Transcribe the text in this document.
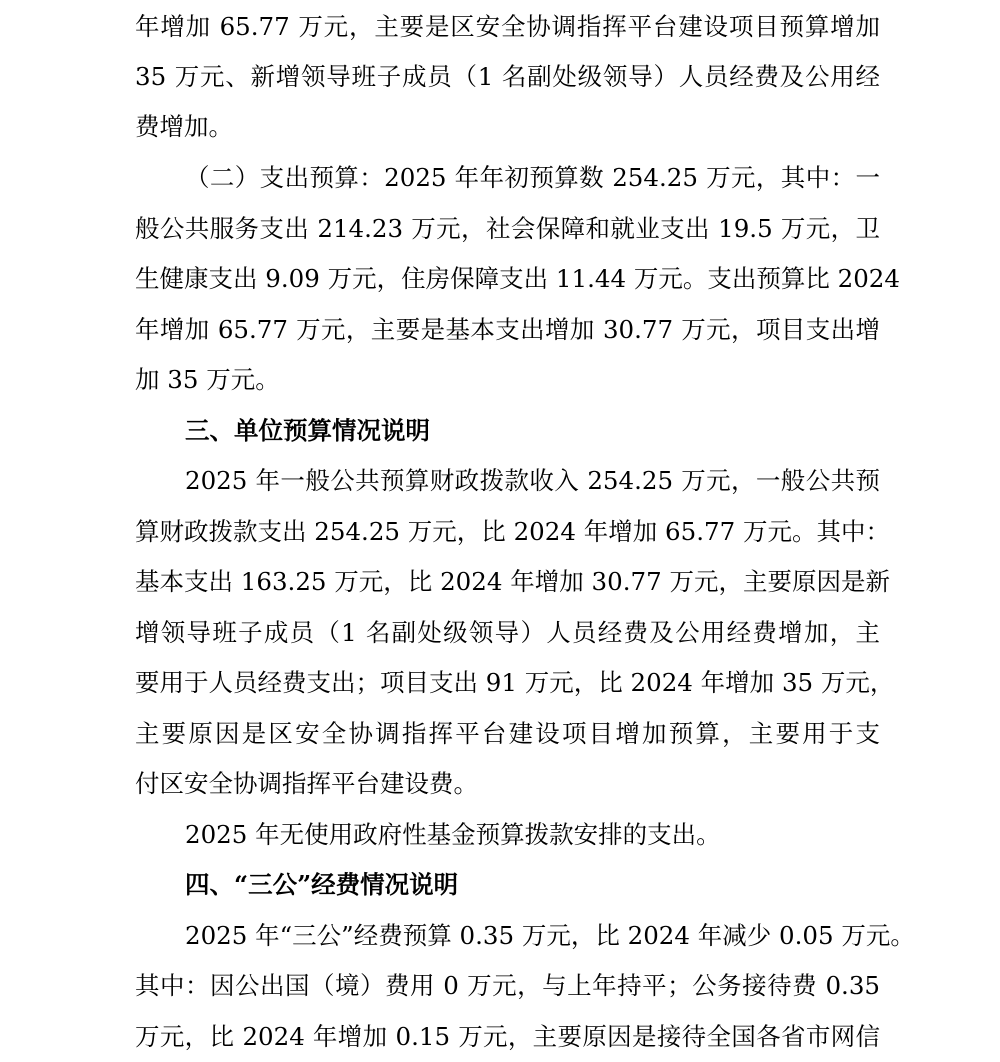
年增加 65.77 万元，主要是区安全协调指挥平台建设项目预算增加
35 万元、新增领导班子成员（1 名副处级领导）人员经费及公用经
费增加。
（二）支出预算：2025 年年初预算数 254.25 万元，其中：一
般公共服务支出 214.23 万元，社会保障和就业支出 19.5 万元，卫
生健康支出 9.09 万元，住房保障支出 11.44 万元。支出预算比 2024
年增加 65.77 万元，主要是基本支出增加 30.77 万元，项目支出增
加 35 万元。
三、单位预算情况说明
2025 年一般公共预算财政拨款收入 254.25 万元，一般公共预
算财政拨款支出 254.25 万元，比 2024 年增加 65.77 万元。其中：
基本支出 163.25 万元，比 2024 年增加 30.77 万元，主要原因是新
增领导班子成员（1 名副处级领导）人员经费及公用经费增加，主
要用于人员经费支出；项目支出 91 万元，比 2024 年增加 35 万元，
主要原因是区安全协调指挥平台建设项目增加预算，主要用于支
付区安全协调指挥平台建设费。
2025 年无使用政府性基金预算拨款安排的支出。
四、“三公”经费情况说明
2025 年“三公”经费预算 0.35 万元，比 2024 年减少 0.05 万元。
其中：因公出国（境）费用 0 万元，与上年持平；公务接待费 0.35
万元，比 2024 年增加 0.15 万元，主要原因是接待全国各省市网信
